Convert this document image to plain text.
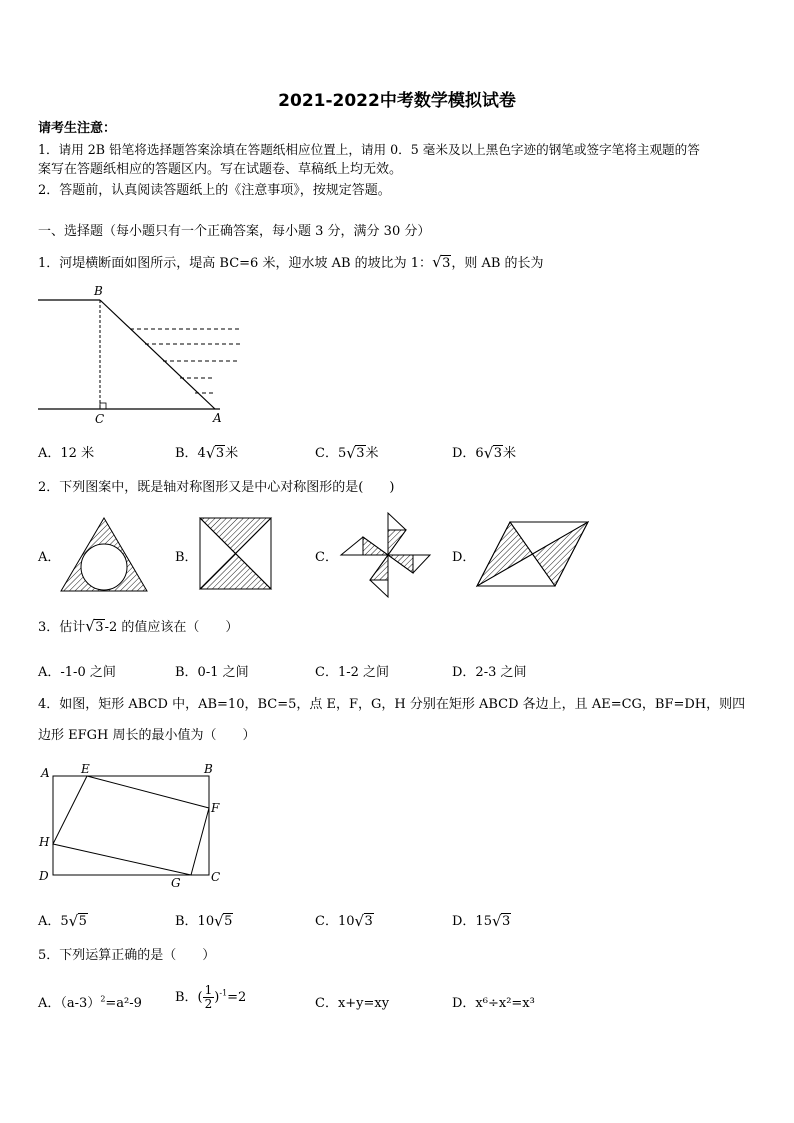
2021-2022中考数学模拟试卷
请考生注意：
1．请用 2B 铅笔将选择题答案涂填在答题纸相应位置上，请用 0．5 毫米及以上黑色字迹的钢笔或签字笔将主观题的答
案写在答题纸相应的答题区内。写在试题卷、草稿纸上均无效。
2．答题前，认真阅读答题纸上的《注意事项》，按规定答题。
一、选择题（每小题只有一个正确答案，每小题 3 分，满分 30 分）
1．河堤横断面如图所示，堤高 BC=6 米，迎水坡 AB 的坡比为 1： √ 3，则 AB 的长为
B
C	A
A．12 米	B．4 √ 3米	C．5 √ 3米	D．6 √ 3米
2．下列图案中，既是轴对称图形又是中心对称图形的是(　　)
A．	B．	C．	D．
3．估计 √ 3-2 的值应该在（　　）
A．-1-0 之间	B．0-1 之间	C．1-2 之间	D．2-3 之间
4．如图，矩形 ABCD 中，AB=10，BC=5，点 E，F，G，H 分别在矩形 ABCD 各边上，且 AE=CG，BF=DH，则四
边形 EFGH 周长的最小值为（　　）
A	E	B
F
H
D	G	C
A．5 √ 5	B．10 √ 5	C．10 √ 3	D．15 √ 3
5．下列运算正确的是（　　）
A．$(a-3)^2=a^2-9$	B．( $\frac{1}{2} )^{-1}=2$	C．x+y=xy	D．x⁶÷x²=x³
